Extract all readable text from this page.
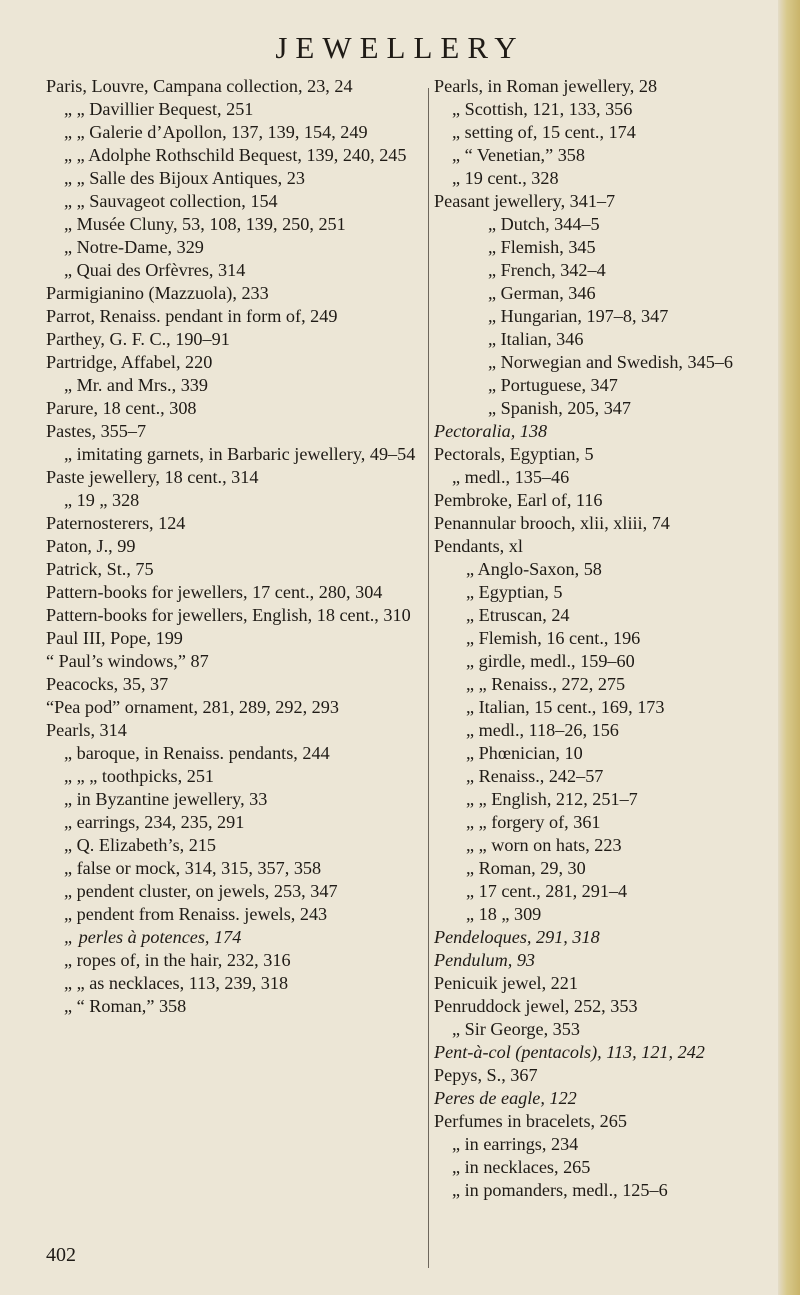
JEWELLERY
Paris, Louvre, Campana collection, 23, 24
„ „ Davillier Bequest, 251
„ „ Galerie d’Apollon, 137, 139, 154, 249
„ „ Adolphe Rothschild Bequest, 139, 240, 245
„ „ Salle des Bijoux Antiques, 23
„ „ Sauvageot collection, 154
„ Musée Cluny, 53, 108, 139, 250, 251
„ Notre-Dame, 329
„ Quai des Orfèvres, 314
Parmigianino (Mazzuola), 233
Parrot, Renaiss. pendant in form of, 249
Parthey, G. F. C., 190–91
Partridge, Affabel, 220
„ Mr. and Mrs., 339
Parure, 18 cent., 308
Pastes, 355–7
„ imitating garnets, in Barbaric jewellery, 49–54
Paste jewellery, 18 cent., 314
„ 19 „ 328
Paternosterers, 124
Paton, J., 99
Patrick, St., 75
Pattern-books for jewellers, 17 cent., 280, 304
Pattern-books for jewellers, English, 18 cent., 310
Paul III, Pope, 199
“ Paul’s windows,” 87
Peacocks, 35, 37
“Pea pod” ornament, 281, 289, 292, 293
Pearls, 314
„ baroque, in Renaiss. pendants, 244
„ „ „ toothpicks, 251
„ in Byzantine jewellery, 33
„ earrings, 234, 235, 291
„ Q. Elizabeth’s, 215
„ false or mock, 314, 315, 357, 358
„ pendent cluster, on jewels, 253, 347
„ pendent from Renaiss. jewels, 243
„ perles à potences, 174
„ ropes of, in the hair, 232, 316
„ „ as necklaces, 113, 239, 318
„ “ Roman,” 358
Pearls, in Roman jewellery, 28
„ Scottish, 121, 133, 356
„ setting of, 15 cent., 174
„ “ Venetian,” 358
„ 19 cent., 328
Peasant jewellery, 341–7
„ Dutch, 344–5
„ Flemish, 345
„ French, 342–4
„ German, 346
„ Hungarian, 197–8, 347
„ Italian, 346
„ Norwegian and Swedish, 345–6
„ Portuguese, 347
„ Spanish, 205, 347
Pectoralia, 138
Pectorals, Egyptian, 5
„ medl., 135–46
Pembroke, Earl of, 116
Penannular brooch, xlii, xliii, 74
Pendants, xl
„ Anglo-Saxon, 58
„ Egyptian, 5
„ Etruscan, 24
„ Flemish, 16 cent., 196
„ girdle, medl., 159–60
„ „ Renaiss., 272, 275
„ Italian, 15 cent., 169, 173
„ medl., 118–26, 156
„ Phœnician, 10
„ Renaiss., 242–57
„ „ English, 212, 251–7
„ „ forgery of, 361
„ „ worn on hats, 223
„ Roman, 29, 30
„ 17 cent., 281, 291–4
„ 18 „ 309
Pendeloques, 291, 318
Pendulum, 93
Penicuik jewel, 221
Penruddock jewel, 252, 353
„ Sir George, 353
Pent-à-col (pentacols), 113, 121, 242
Pepys, S., 367
Peres de eagle, 122
Perfumes in bracelets, 265
„ in earrings, 234
„ in necklaces, 265
„ in pomanders, medl., 125–6
402
